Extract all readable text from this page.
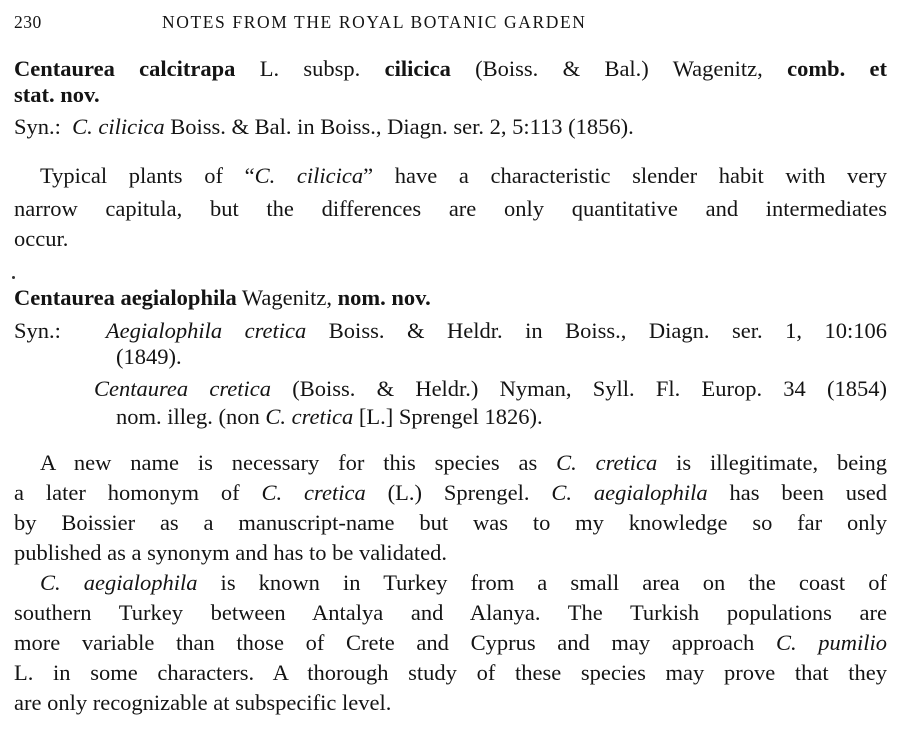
230	NOTES FROM THE ROYAL BOTANIC GARDEN
Centaurea calcitrapa L. subsp. cilicica (Boiss. & Bal.) Wagenitz, comb. et
stat. nov.
Syn.: C. cilicica Boiss. & Bal. in Boiss., Diagn. ser. 2, 5:113 (1856).
Typical plants of “C. cilicica” have a characteristic slender habit with very
narrow capitula, but the differences are only quantitative and intermediates
occur.
Centaurea aegialophila Wagenitz, nom. nov.
Syn.: Aegialophila cretica Boiss. & Heldr. in Boiss., Diagn. ser. 1, 10:106
(1849).
Centaurea cretica (Boiss. & Heldr.) Nyman, Syll. Fl. Europ. 34 (1854)
nom. illeg. (non C. cretica [L.] Sprengel 1826).
A new name is necessary for this species as C. cretica is illegitimate, being
a later homonym of C. cretica (L.) Sprengel. C. aegialophila has been used
by Boissier as a manuscript-name but was to my knowledge so far only
published as a synonym and has to be validated.
C. aegialophila is known in Turkey from a small area on the coast of
southern Turkey between Antalya and Alanya. The Turkish populations are
more variable than those of Crete and Cyprus and may approach C. pumilio
L. in some characters. A thorough study of these species may prove that they
are only recognizable at subspecific level.
